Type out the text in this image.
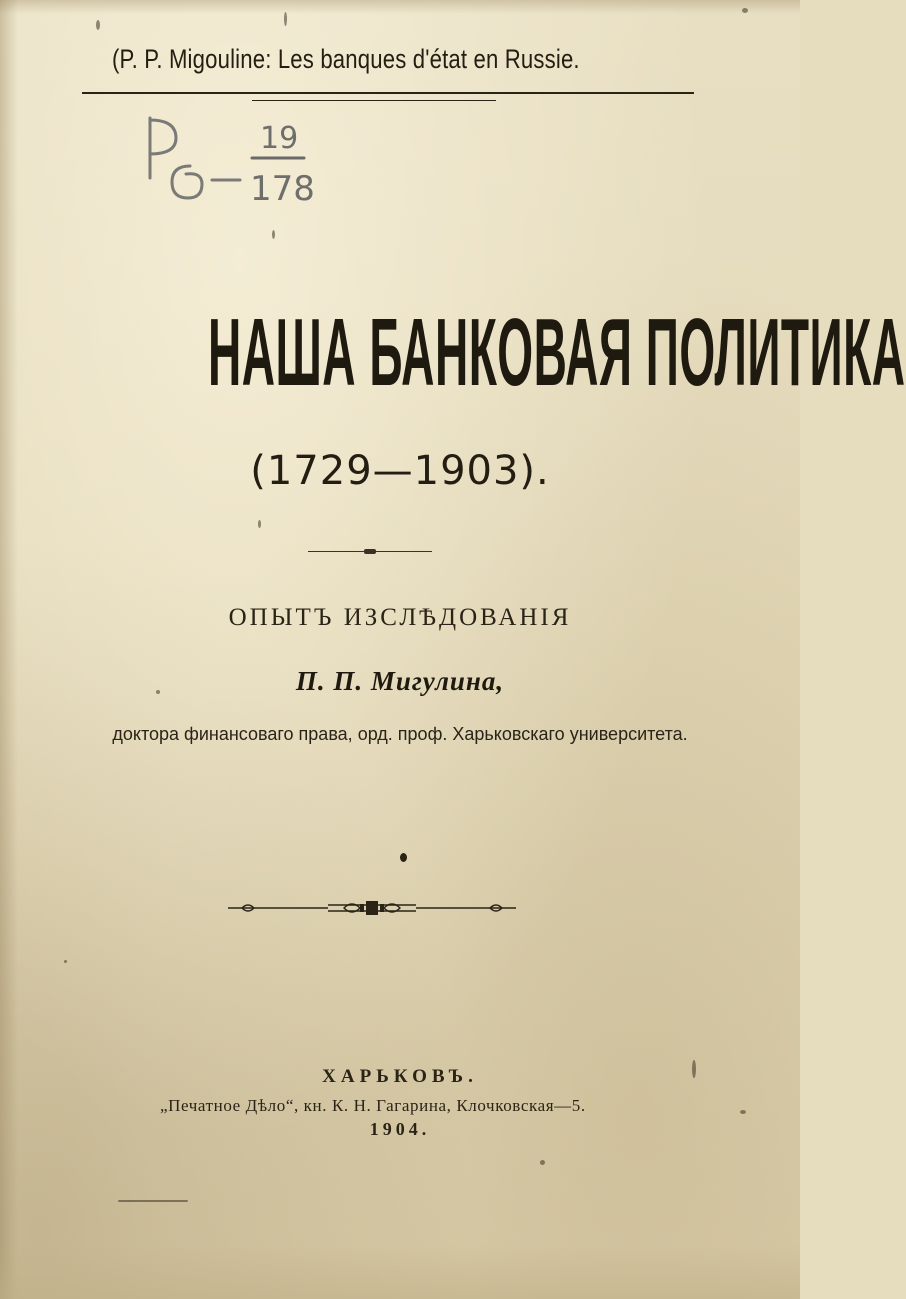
19
178
(P. P. Migouline: Les banques d'état en Russie.
НАША БАНКОВАЯ ПОЛИТИКА
(1729—1903).
ОПЫТЪ ИЗСЛѢДОВАНІЯ
П. П. Мигулина,
доктора финансоваго права, орд. проф. Харьковскаго университета.
ХАРЬКОВЪ.
„Печатное Дѣло“, кн. К. Н. Гагарина, Клочковская—5.
1904.
